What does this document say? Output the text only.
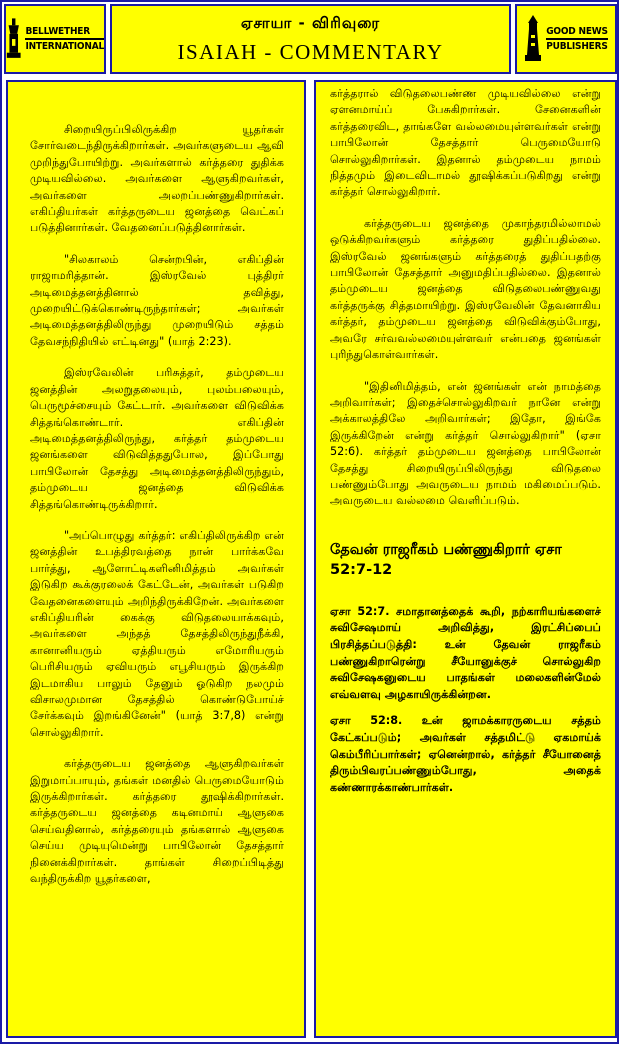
BELLWETHER
INTERNATIONAL
ஏசாயா - விரிவுரை
ISAIAH - COMMENTARY
GOOD NEWS
PUBLISHERS

சிறையிருப்பிலிருக்கிற யூதர்கள் சோர்வடைந்திருக்கிறார்கள். அவர்களுடைய ஆவி முறிந்துபோயிற்று. அவர்களால் கர்த்தரை துதிக்க முடியவில்லை. அவர்களை ஆளுகிறவர்கள், அவர்களை அலறப்பண்ணுகிறார்கள். எகிப்தியர்கள் கர்த்தருடைய ஜனத்தை வெட்கப் படுத்தினார்கள். வேதனைப்படுத்தினார்கள்.

"சிலகாலம் சென்றபின், எகிப்தின் ராஜாமரித்தான். இஸ்ரவேல் புத்திரர் அடிமைத்தனத்தினால் தவித்து, முறையிட்டுக்கொண்டிருந்தார்கள்; அவர்கள் அடிமைத்தனத்திலிருந்து முறையிடும் சத்தம் தேவசந்நிதியில் எட்டினது" (யாத் 2:23).

இஸ்ரவேலின் பரிசுத்தர், தம்முடைய ஜனத்தின் அலறுதலையும், புலம்பலையும், பெருமூச்சையும் கேட்டார். அவர்களை விடுவிக்க சித்தங்கொண்டார். எகிப்தின் அடிமைத்தனத்திலிருந்து, கர்த்தர் தம்முடைய ஜனங்களை விடுவித்ததுபோல, இப்போது பாபிலோன் தேசத்து அடிமைத்தனத்திலிருந்தும், தம்முடைய ஜனத்தை விடுவிக்க சித்தங்கொண்டிருக்கிறார்.

"அப்பொழுது கர்த்தர்: எகிப்திலிருக்கிற என் ஜனத்தின் உபத்திரவத்தை நான் பார்க்கவே பார்த்து, ஆளோட்டிகளினிமித்தம் அவர்கள் இடுகிற கூக்குரலைக் கேட்டேன், அவர்கள் படுகிற வேதனைகளையும் அறிந்திருக்கிறேன். அவர்களை எகிப்தியரின் கைக்கு விடுதலையாக்கவும், அவர்களை அந்தத் தேசத்திலிருந்துநீக்கி, கானானியரும் ஏத்தியரும் எமோரியரும் பெரிசியரும் ஏவியரும் எபூசியரும் இருக்கிற இடமாகிய பாலும் தேனும் ஓடுகிற நலமும் விசாலமுமான தேசத்தில் கொண்டுபோய்ச் சேர்க்கவும் இறங்கினேன்" (யாத் 3:7,8) என்று சொல்லுகிறார்.

கர்த்தருடைய ஜனத்தை ஆளுகிறவர்கள் இறுமாப்பாயும், தங்கள் மனதில் பெருமையோடும் இருக்கிறார்கள். கர்த்தரை தூஷிக்கிறார்கள். கர்த்தருடைய ஜனத்தை கடினமாய் ஆளுகை செய்வதினால், கர்த்தரையும் தங்களால் ஆளுகை செய்ய முடியுமென்று பாபிலோன் தேசத்தார் நினைக்கிறார்கள். தாங்கள் சிறைப்பிடித்து வந்திருக்கிற யூதர்களை,

கர்த்தரால் விடுதலைபண்ண முடியவில்லை என்று ஏளனமாய்ப் பேசுகிறார்கள். சேனைகளின் கர்த்தரைவிட, தாங்களே வல்லமையுள்ளவர்கள் என்று பாபிலோன் தேசத்தார் பெருமையோடு சொல்லுகிறார்கள். இதனால் தம்முடைய நாமம் நித்தமும் இடைவிடாமல் தூஷிக்கப்படுகிறது என்று கர்த்தர் சொல்லுகிறார்.

கர்த்தருடைய ஜனத்தை முகாந்தரமில்லாமல் ஒடுக்கிறவர்களும் கர்த்தரை துதிப்பதில்லை. இஸ்ரவேல் ஜனங்களும் கர்த்தரைத் துதிப்பதற்கு பாபிலோன் தேசத்தார் அனுமதிப்பதில்லை. இதனால் தம்முடைய ஜனத்தை விடுதலைபண்ணுவது கர்த்தருக்கு சித்தமாயிற்று. இஸ்ரவேலின் தேவனாகிய கர்த்தர், தம்முடைய ஜனத்தை விடுவிக்கும்போது, அவரே சர்வவல்லமையுள்ளவர் என்பதை ஜனங்கள் புரிந்துகொள்வார்கள்.

"இதினிமித்தம், என் ஜனங்கள் என் நாமத்தை அறிவார்கள்; இதைச்சொல்லுகிறவர் நானே என்று அக்காலத்திலே அறிவார்கள்; இதோ, இங்கே இருக்கிறேன் என்று கர்த்தர் சொல்லுகிறார்" (ஏசா 52:6). கர்த்தர் தம்முடைய ஜனத்தை பாபிலோன் தேசத்து சிறையிருப்பிலிருந்து விடுதலை பண்ணும்போது அவருடைய நாமம் மகிமைப்படும். அவருடைய வல்லமை வெளிப்படும்.

தேவன் ராஜரீகம் பண்ணுகிறார் ஏசா 52:7-12

ஏசா 52:7. சமாதானத்தைக் கூறி, நற்காரியங்களைச் சுவிசேஷமாய் அறிவித்து, இரட்சிப்பைப் பிரசித்தப்படுத்தி: உன் தேவன் ராஜரீகம் பண்ணுகிறாரென்று சீயோனுக்குச் சொல்லுகிற சுவிசேஷகனுடைய பாதங்கள் மலைகளின்மேல் எவ்வளவு அழகாயிருக்கின்றன.

ஏசா 52:8. உன் ஜாமக்காரருடைய சத்தம் கேட்கப்படும்; அவர்கள் சத்தமிட்டு ஏகமாய்க் கெம்பீரிப்பார்கள்; ஏனென்றால், கர்த்தர் சீயோனைத் திரும்பிவரப்பண்ணும்போது, அதைக் கண்ணாரக்காண்பார்கள்.
